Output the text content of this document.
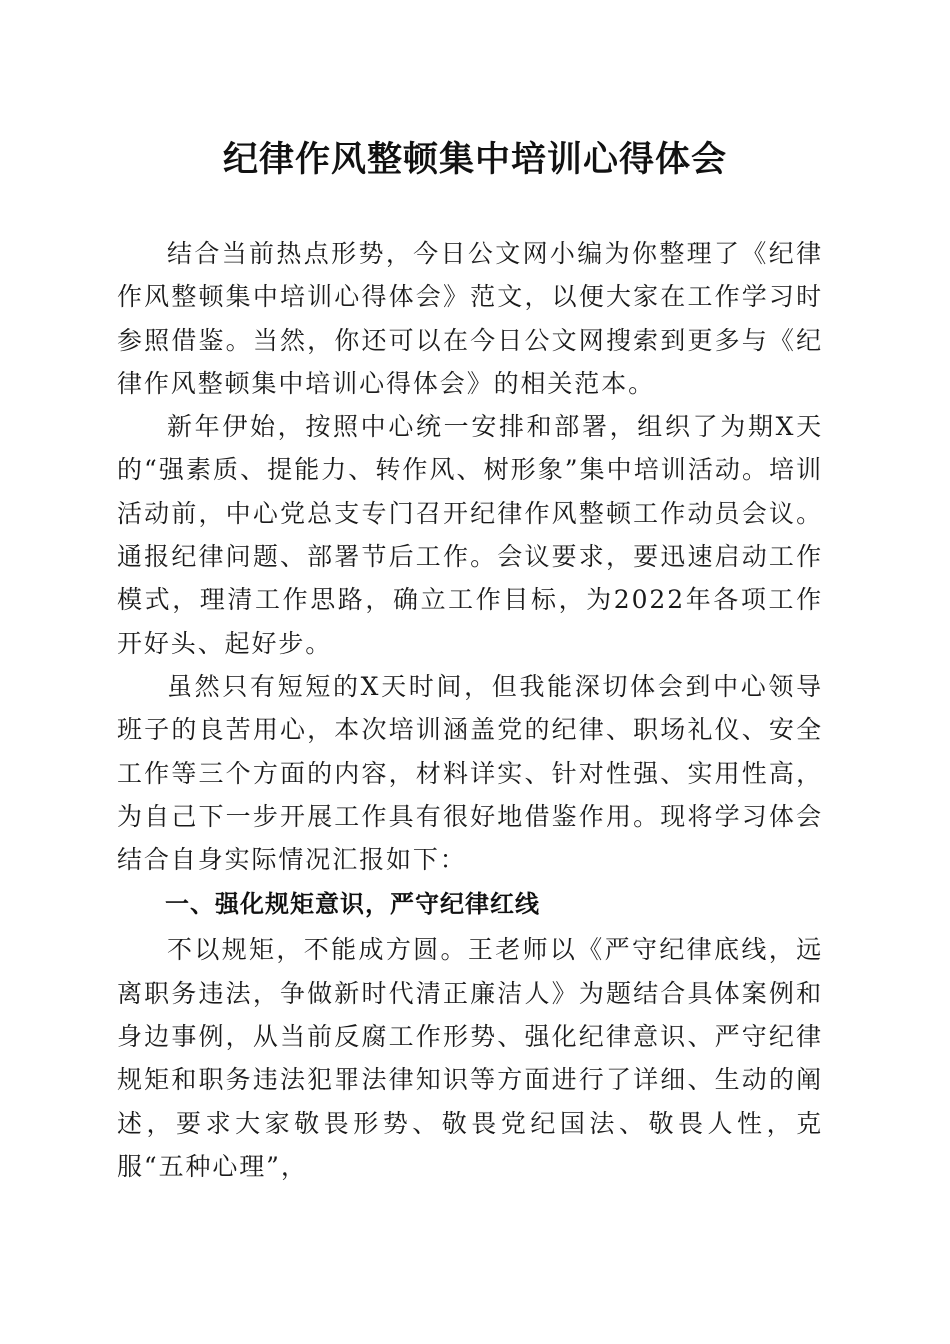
纪律作风整顿集中培训心得体会

结合当前热点形势，今日公文网小编为你整理了《纪律作风整顿集中培训心得体会》范文，以便大家在工作学习时参照借鉴。当然，你还可以在今日公文网搜索到更多与《纪律作风整顿集中培训心得体会》的相关范本。

新年伊始，按照中心统一安排和部署，组织了为期X天的“强素质、提能力、转作风、树形象”集中培训活动。培训活动前，中心党总支专门召开纪律作风整顿工作动员会议。通报纪律问题、部署节后工作。会议要求，要迅速启动工作模式，理清工作思路，确立工作目标，为2022年各项工作开好头、起好步。

虽然只有短短的X天时间，但我能深切体会到中心领导班子的良苦用心，本次培训涵盖党的纪律、职场礼仪、安全工作等三个方面的内容，材料详实、针对性强、实用性高，为自己下一步开展工作具有很好地借鉴作用。现将学习体会结合自身实际情况汇报如下：

一、强化规矩意识，严守纪律红线

不以规矩，不能成方圆。王老师以《严守纪律底线，远离职务违法，争做新时代清正廉洁人》为题结合具体案例和身边事例，从当前反腐工作形势、强化纪律意识、严守纪律规矩和职务违法犯罪法律知识等方面进行了详细、生动的阐述，要求大家敬畏形势、敬畏党纪国法、敬畏人性，克服“五种心理”，
